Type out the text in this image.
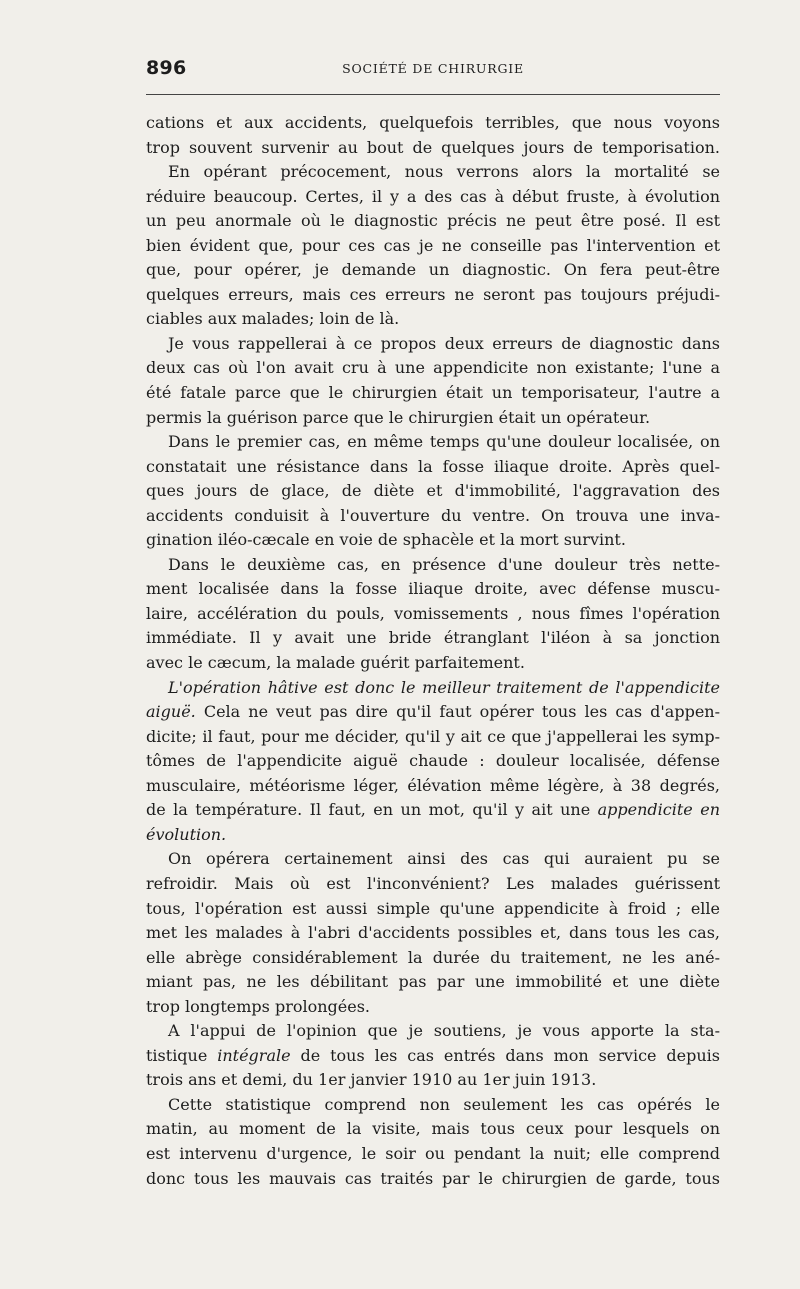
896	SOCIÉTÉ DE CHIRURGIE

cations et aux accidents, quelquefois terribles, que nous voyons

trop souvent survenir au bout de quelques jours de temporisation.

En opérant précocement, nous verrons alors la mortalité se

réduire beaucoup. Certes, il y a des cas à début fruste, à évolution

un peu anormale où le diagnostic précis ne peut être posé. Il est

bien évident que, pour ces cas je ne conseille pas l'intervention et

que, pour opérer, je demande un diagnostic. On fera peut-être

quelques erreurs, mais ces erreurs ne seront pas toujours préjudi-

ciables aux malades; loin de là.

Je vous rappellerai à ce propos deux erreurs de diagnostic dans

deux cas où l'on avait cru à une appendicite non existante; l'une a

été fatale parce que le chirurgien était un temporisateur, l'autre a

permis la guérison parce que le chirurgien était un opérateur.

Dans le premier cas, en même temps qu'une douleur localisée, on

constatait une résistance dans la fosse iliaque droite. Après quel-

ques jours de glace, de diète et d'immobilité, l'aggravation des

accidents conduisit à l'ouverture du ventre. On trouva une inva-

gination iléo-cæcale en voie de sphacèle et la mort survint.

Dans le deuxième cas, en présence d'une douleur très nette-

ment localisée dans la fosse iliaque droite, avec défense muscu-

laire, accélération du pouls, vomissements , nous fîmes l'opération

immédiate. Il y avait une bride étranglant l'iléon à sa jonction

avec le cæcum, la malade guérit parfaitement.

L'opération hâtive est donc le meilleur traitement de l'appendicite

aiguë. Cela ne veut pas dire qu'il faut opérer tous les cas d'appen-

dicite; il faut, pour me décider, qu'il y ait ce que j'appellerai les symp-

tômes de l'appendicite aiguë chaude : douleur localisée, défense

musculaire, météorisme léger, élévation même légère, à 38 degrés,

de la température. Il faut, en un mot, qu'il y ait une appendicite en

évolution.

On opérera certainement ainsi des cas qui auraient pu se

refroidir. Mais où est l'inconvénient? Les malades guérissent

tous, l'opération est aussi simple qu'une appendicite à froid ; elle

met les malades à l'abri d'accidents possibles et, dans tous les cas,

elle abrège considérablement la durée du traitement, ne les ané-

miant pas, ne les débilitant pas par une immobilité et une diète

trop longtemps prolongées.

A l'appui de l'opinion que je soutiens, je vous apporte la sta-

tistique intégrale de tous les cas entrés dans mon service depuis

trois ans et demi, du 1er janvier 1910 au 1er juin 1913.

Cette statistique comprend non seulement les cas opérés le

matin, au moment de la visite, mais tous ceux pour lesquels on

est intervenu d'urgence, le soir ou pendant la nuit; elle comprend

donc tous les mauvais cas traités par le chirurgien de garde, tous
